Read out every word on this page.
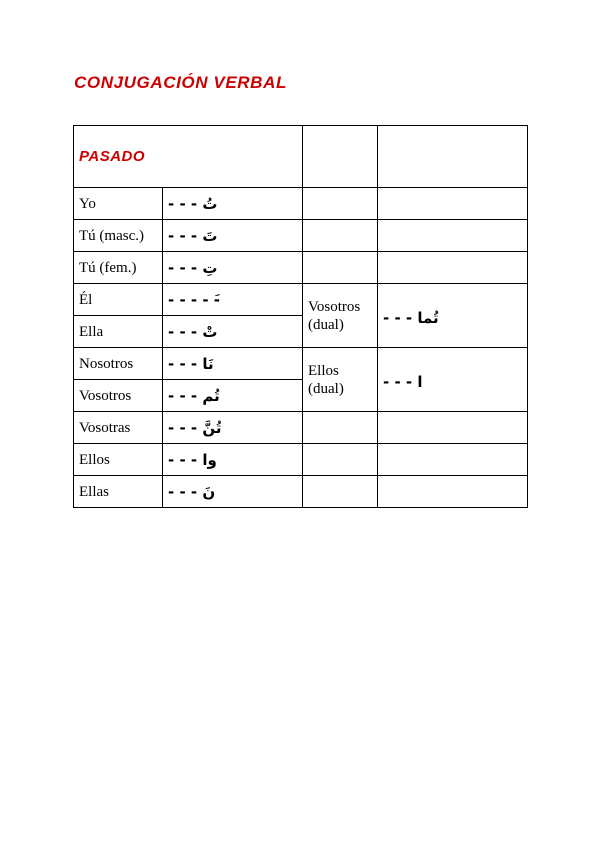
CONJUGACIÓN VERBAL
PASADO			
Yo	- - - تُ		
Tú (masc.)	- - - تَ		
Tú (fem.)	- - - تِ		
Él	- - - - -َ	Vosotros (dual)	- - - تُما
Ella	- - - تْ		
Nosotros	- - - نَا	Ellos (dual)	- - - ا
Vosotros	- - - تُم		
Vosotras	- - - تُنَّ		
Ellos	- - - وا		
Ellas	- - - نَ		
